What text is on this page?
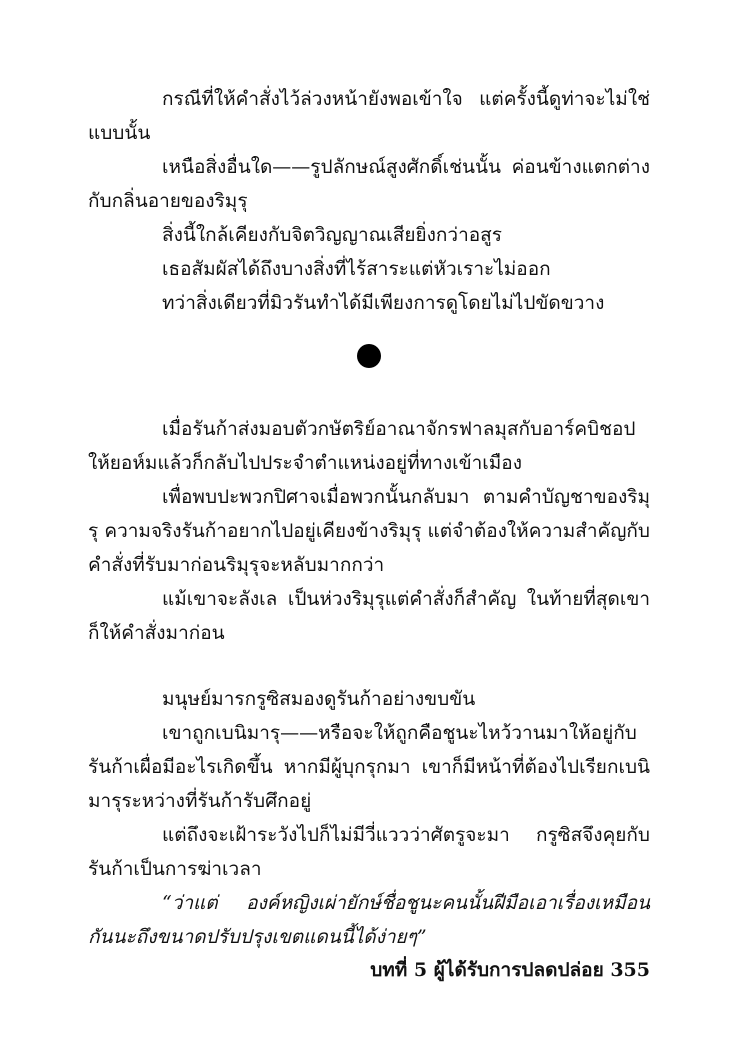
กรณีที่ให้คำสั่งไว้ล่วงหน้ายังพอเข้าใจ แต่ครั้งนี้ดูท่าจะไม่ใช่แบบนั้น

เหนือสิ่งอื่นใด——รูปลักษณ์สูงศักดิ์เช่นนั้น ค่อนข้างแตกต่างกับกลิ่นอายของริมุรุ

สิ่งนี้ใกล้เคียงกับจิตวิญญาณเสียยิ่งกว่าอสูร

เธอสัมผัสได้ถึงบางสิ่งที่ไร้สาระแต่หัวเราะไม่ออก

ทว่าสิ่งเดียวที่มิวรันทำได้มีเพียงการดูโดยไม่ไปขัดขวาง

เมื่อรันก้าส่งมอบตัวกษัตริย์อาณาจักรฟาลมุสกับอาร์คบิชอปให้ยอห์มแล้วก็กลับไปประจำตำแหน่งอยู่ที่ทางเข้าเมือง

เพื่อพบปะพวกปิศาจเมื่อพวกนั้นกลับมา ตามคำบัญชาของริมุรุ ความจริงรันก้าอยากไปอยู่เคียงข้างริมุรุ แต่จำต้องให้ความสำคัญกับคำสั่งที่รับมาก่อนริมุรุจะหลับมากกว่า

แม้เขาจะลังเล เป็นห่วงริมุรุแต่คำสั่งก็สำคัญ ในท้ายที่สุดเขาก็ให้คำสั่งมาก่อน

มนุษย์มารกรูซิสมองดูรันก้าอย่างขบขัน

เขาถูกเบนิมารุ——หรือจะให้ถูกคือชูนะไหว้วานมาให้อยู่กับรันก้าเผื่อมีอะไรเกิดขึ้น หากมีผู้บุกรุกมา เขาก็มีหน้าที่ต้องไปเรียกเบนิมารุระหว่างที่รันก้ารับศึกอยู่

แต่ถึงจะเฝ้าระวังไปก็ไม่มีวี่แววว่าศัตรูจะมา กรูซิสจึงคุยกับรันก้าเป็นการฆ่าเวลา

“ว่าแต่ องค์หญิงเผ่ายักษ์ชื่อชูนะคนนั้นฝีมือเอาเรื่องเหมือนกันนะถึงขนาดปรับปรุงเขตแดนนี้ได้ง่ายๆ”

บทที่ 5 ผู้ได้รับการปลดปล่อย 355
